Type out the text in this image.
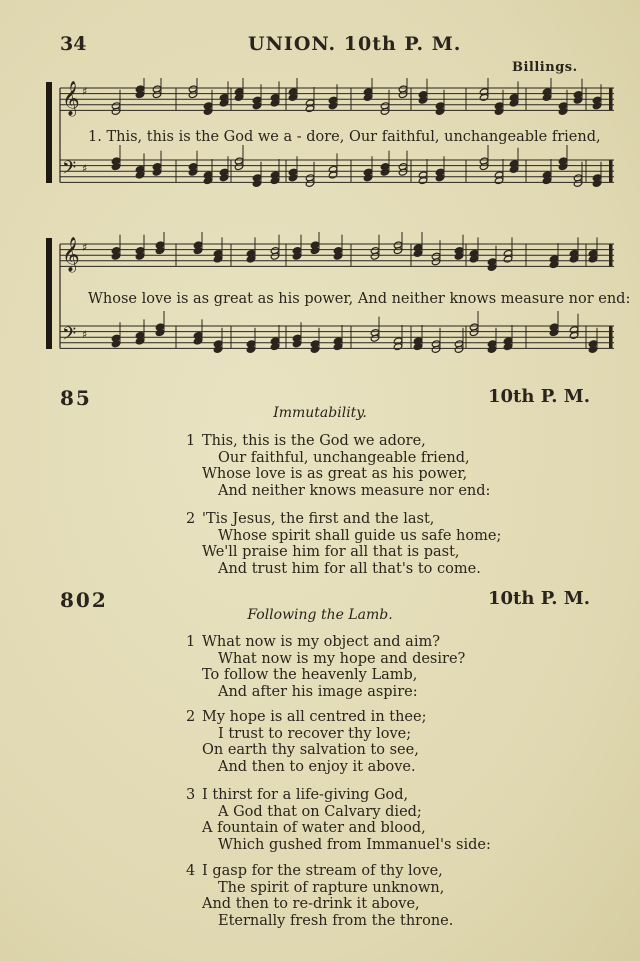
34	UNION. 10th P. M.
Billings.
𝄞
𝄢
♯
♯
1. This, this is the God we a - dore, Our faithful, unchangeable friend,
𝄞
𝄢
♯
♯
Whose love is as great as his power, And neither knows measure nor end:
85	10th P. M.
Immutability.
1 This, this is the God we adore,
Our faithful, unchangeable friend,
Whose love is as great as his power,
And neither knows measure nor end:
2 'Tis Jesus, the first and the last,
Whose spirit shall guide us safe home;
We'll praise him for all that is past,
And trust him for all that's to come.
802	10th P. M.
Following the Lamb.
1 What now is my object and aim?
What now is my hope and desire?
To follow the heavenly Lamb,
And after his image aspire:
2 My hope is all centred in thee;
I trust to recover thy love;
On earth thy salvation to see,
And then to enjoy it above.
3 I thirst for a life-giving God,
A God that on Calvary died;
A fountain of water and blood,
Which gushed from Immanuel's side:
4 I gasp for the stream of thy love,
The spirit of rapture unknown,
And then to re-drink it above,
Eternally fresh from the throne.
